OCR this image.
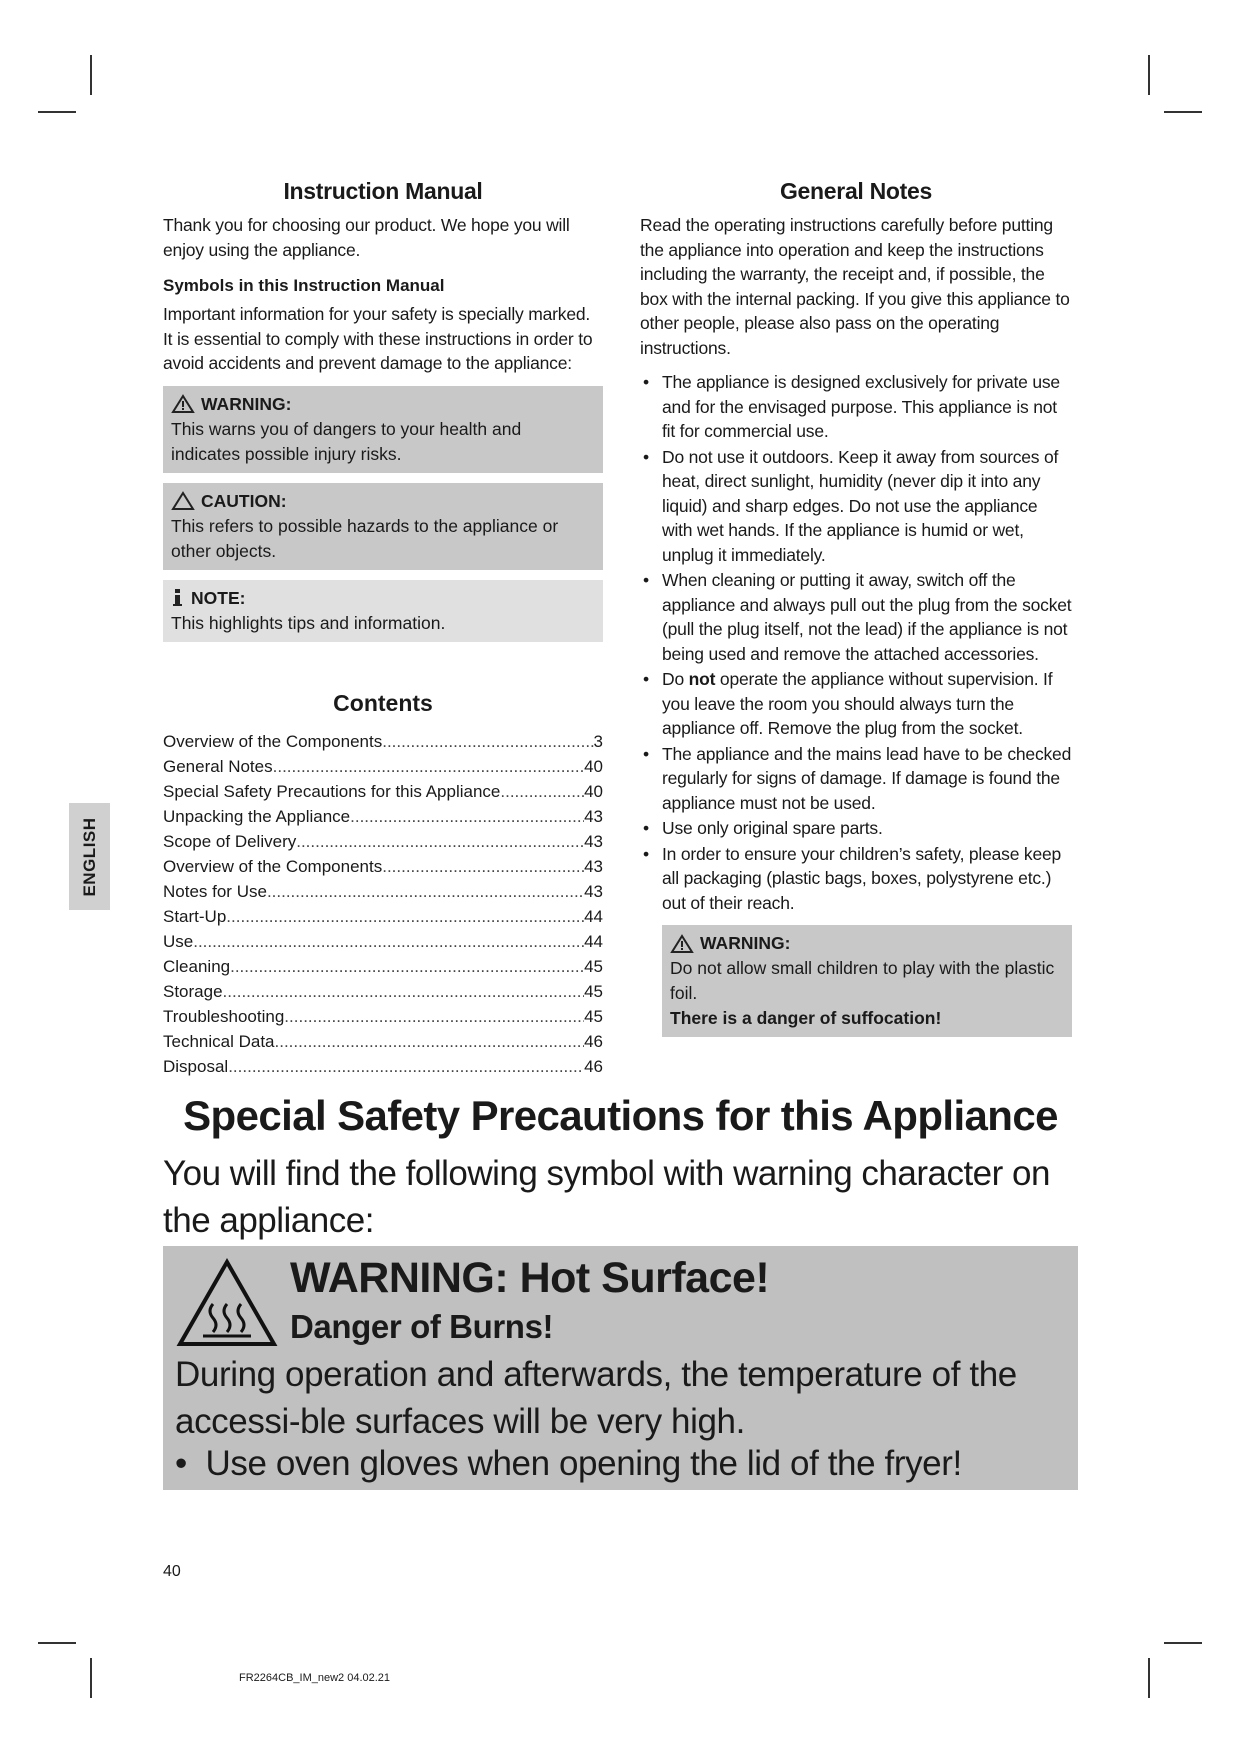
ENGLISH
Instruction Manual

Thank you for choosing our product. We hope you will enjoy using the appliance.

Symbols in this Instruction Manual

Important information for your safety is specially marked.

It is essential to comply with these instructions in order to avoid accidents and prevent damage to the appliance:

WARNING:
This warns you of dangers to your health and indicates possible injury risks.
CAUTION:
This refers to possible hazards to the appliance or other objects.
NOTE:
This highlights tips and information.
Contents
Overview of the Components .....	3
General Notes .....	40
Special Safety Precautions for this Appliance .....	40
Unpacking the Appliance .....	43
Scope of Delivery .....	43
Overview of the Components .....	43
Notes for Use .....	43
Start-Up .....	44
Use .....	44
Cleaning .....	45
Storage .....	45
Troubleshooting .....	45
Technical Data .....	46
Disposal .....	46
General Notes

Read the operating instructions carefully before putting the appliance into operation and keep the instructions including the warranty, the receipt and, if possible, the box with the internal packing. If you give this appliance to other people, please also pass on the operating instructions.

• The appliance is designed exclusively for private use and for the envisaged purpose. This appliance is not fit for commercial use.
• Do not use it outdoors. Keep it away from sources of heat, direct sunlight, humidity (never dip it into any liquid) and sharp edges. Do not use the appliance with wet hands. If the appliance is humid or wet, unplug it immediately.
• When cleaning or putting it away, switch off the appliance and always pull out the plug from the socket (pull the plug itself, not the lead) if the appliance is not being used and remove the attached accessories.
• Do not operate the appliance without supervision. If you leave the room you should always turn the appliance off. Remove the plug from the socket.
• The appliance and the mains lead have to be checked regularly for signs of damage. If damage is found the appliance must not be used.
• Use only original spare parts.
• In order to ensure your children’s safety, please keep all packaging (plastic bags, boxes, polystyrene etc.) out of their reach.
WARNING:
Do not allow small children to play with the plastic foil.
There is a danger of suffocation!
Special Safety Precautions for this Appliance
You will find the following symbol with warning character on the appliance:
WARNING: Hot Surface!
Danger of Burns!
During operation and afterwards, the temperature of the accessi-ble surfaces will be very high.
•  Use oven gloves when opening the lid of the fryer!
40
FR2264CB_IM_new2 04.02.21
